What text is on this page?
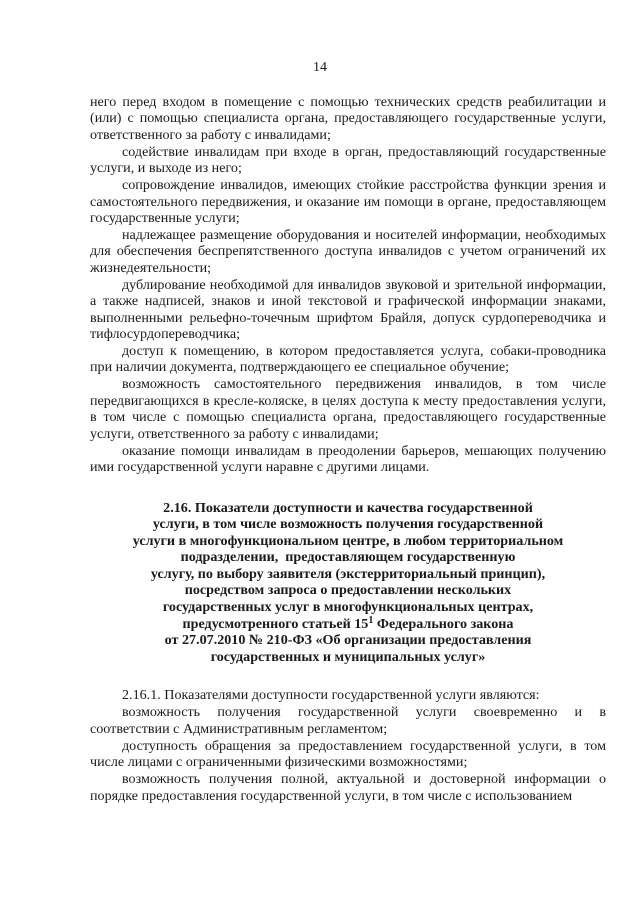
14

него перед входом в помещение с помощью технических средств реабилитации и (или) с помощью специалиста органа, предоставляющего государственные услуги, ответственного за работу с инвалидами;

содействие инвалидам при входе в орган, предоставляющий государственные услуги, и выходе из него;

сопровождение инвалидов, имеющих стойкие расстройства функции зрения и самостоятельного передвижения, и оказание им помощи в органе, предоставляющем государственные услуги;

надлежащее размещение оборудования и носителей информации, необходимых для обеспечения беспрепятственного доступа инвалидов с учетом ограничений их жизнедеятельности;

дублирование необходимой для инвалидов звуковой и зрительной информации, а также надписей, знаков и иной текстовой и графической информации знаками, выполненными рельефно-точечным шрифтом Брайля, допуск сурдопереводчика и тифлосурдопереводчика;

доступ к помещению, в котором предоставляется услуга, собаки-проводника при наличии документа, подтверждающего ее специальное обучение;

возможность самостоятельного передвижения инвалидов, в том числе передвигающихся в кресле-коляске, в целях доступа к месту предоставления услуги, в том числе с помощью специалиста органа, предоставляющего государственные услуги, ответственного за работу с инвалидами;

оказание помощи инвалидам в преодолении барьеров, мешающих получению ими государственной услуги наравне с другими лицами.

2.16. Показатели доступности и качества государственной
услуги, в том числе возможность получения государственной
услуги в многофункциональном центре, в любом территориальном
подразделении,  предоставляющем государственную
услугу, по выбору заявителя (экстерриториальный принцип),
посредством запроса о предоставлении нескольких
государственных услуг в многофункциональных центрах,
предусмотренного статьей $15^1$ Федерального закона
от 27.07.2010 № 210-ФЗ «Об организации предоставления
государственных и муниципальных услуг»

2.16.1. Показателями доступности государственной услуги являются:

возможность получения государственной услуги своевременно и в соответствии с Административным регламентом;

доступность обращения за предоставлением государственной услуги, в том числе лицами с ограниченными физическими возможностями;

возможность получения полной, актуальной и достоверной информации о порядке предоставления государственной услуги, в том числе с использованием
